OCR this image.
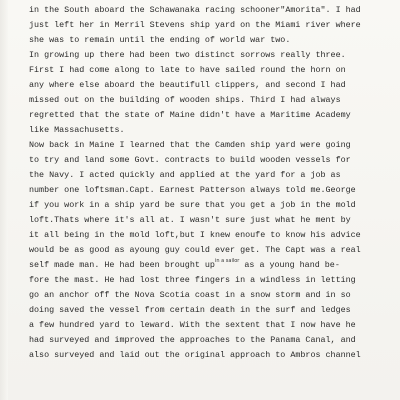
in the South aboard the Schawanaka racing schooner"Amorita". I had
just left her in Merril Stevens ship yard on the Miami river where
she was to remain until the ending of world war two.
In growing up there had been two distinct sorrows really three.
First I had come along to late to have sailed round the horn on
any where else aboard the beautifull clippers, and second I had
missed out on the building of wooden ships. Third I had always
regretted that the state of Maine didn't have a Maritime Academy
like Massachusetts.
Now back in Maine I learned that the Camden ship yard were going
to try and land some Govt. contracts to build wooden vessels for
the Navy. I acted quickly and applied at the yard for a job as
number one loftsman.Capt. Earnest Patterson always told me.George
if you work in a ship yard be sure that you get a job in the mold
loft.Thats where it's all at. I wasn't sure just what he ment by
it all being in the mold loft,but I knew enoufe to know his advice
would be as good as ayoung guy could ever get. The Capt was a real
self made man. He had been brought upin a sailor as a young hand be-
fore the mast. He had lost three fingers in a windless in letting
go an anchor off the Nova Scotia coast in a snow storm and in so
doing saved the vessel from certain death in the surf and ledges
a few hundred yard to leward. With the sextent that I now have he
had surveyed and improved the approaches to the Panama Canal, and
also surveyed and laid out the original approach to Ambros channel
